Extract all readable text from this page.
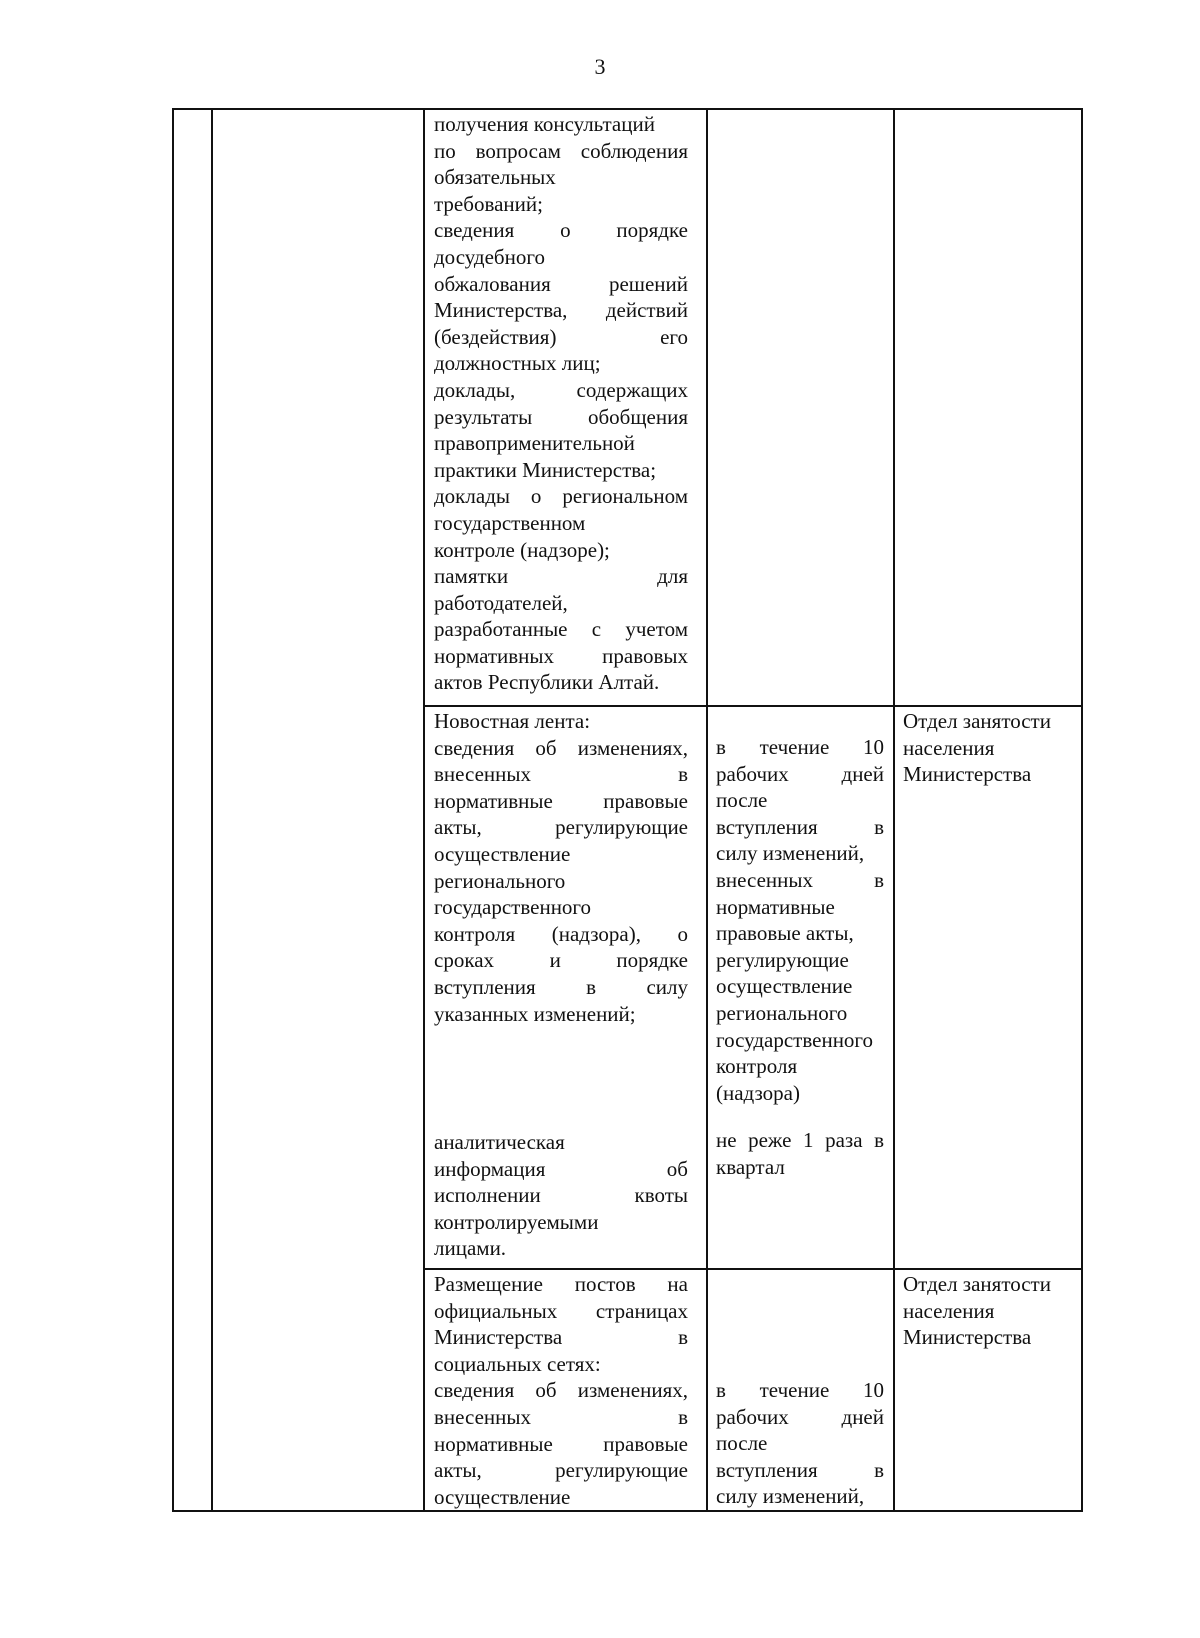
3
получения консультаций
по вопросам соблюдения
обязательных
требований;
сведения о порядке
досудебного
обжалования решений
Министерства, действий
(бездействия) его
должностных лиц;
доклады, содержащих
результаты обобщения
правоприменительной
практики Министерства;
доклады о региональном
государственном
контроле (надзоре);
памятки для
работодателей,
разработанные с учетом
нормативных правовых
актов Республики Алтай.
Новостная лента:
сведения об изменениях,
внесенных в
нормативные правовые
акты, регулирующие
осуществление
регионального
государственного
контроля (надзора), о
сроках и порядке
вступления в силу
указанных изменений;
аналитическая
информация об
исполнении квоты
контролируемыми
лицами.
в течение 10
рабочих дней
после
вступления в
силу изменений,
внесенных в
нормативные
правовые акты,
регулирующие
осуществление
регионального
государственного
контроля
(надзора)
не реже 1 раза в
квартал
Отдел занятости
населения
Министерства
Размещение постов на
официальных страницах
Министерства в
социальных сетях:
сведения об изменениях,
внесенных в
нормативные правовые
акты, регулирующие
осуществление
в течение 10
рабочих дней
после
вступления в
силу изменений,
Отдел занятости
населения
Министерства
